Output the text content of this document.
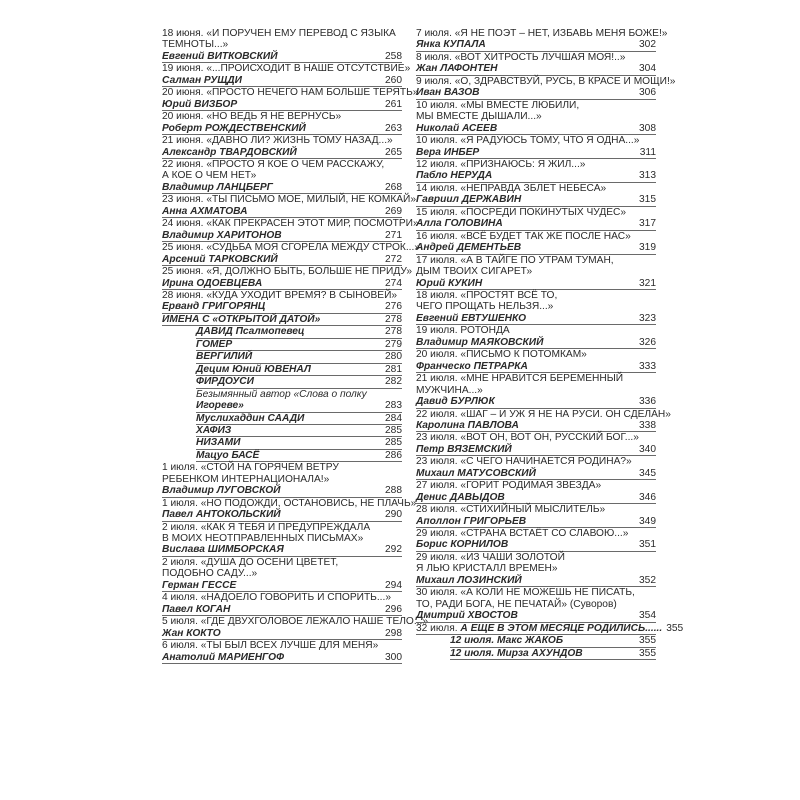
18 июня. «И ПОРУЧЕН ЕМУ ПЕРЕВОД С ЯЗЫКА
ТЕМНОТЫ...»
Евгений ВИТКОВСКИЙ	258
19 июня. «...ПРОИСХОДИТ В НАШЕ ОТСУТСТВИЕ»
Салман РУЩДИ	260
20 июня. «ПРОСТО НЕЧЕГО НАМ БОЛЬШЕ ТЕРЯТЬ»
Юрий ВИЗБОР	261
20 июня. «НО ВЕДЬ Я НЕ ВЕРНУСЬ»
Роберт РОЖДЕСТВЕНСКИЙ	263
21 июня. «ДАВНО ЛИ? ЖИЗНЬ ТОМУ НАЗАД...»
Александр ТВАРДОВСКИЙ	265
22 июня. «ПРОСТО Я КОЕ О ЧЕМ РАССКАЖУ,
А КОЕ О ЧЕМ НЕТ»
Владимир ЛАНЦБЕРГ	268
23 июня. «ТЫ ПИСЬМО МОЕ, МИЛЫЙ, НЕ КОМКАЙ»
Анна АХМАТОВА	269
24 июня. «КАК ПРЕКРАСЕН ЭТОТ МИР, ПОСМОТРИ»
Владимир ХАРИТОНОВ	271
25 июня. «СУДЬБА МОЯ СГОРЕЛА МЕЖДУ СТРОК...»
Арсений ТАРКОВСКИЙ	272
25 июня. «Я, ДОЛЖНО БЫТЬ, БОЛЬШЕ НЕ ПРИДУ»
Ирина ОДОЕВЦЕВА	274
28 июня. «КУДА УХОДИТ ВРЕМЯ? В СЫНОВЕЙ»
Ерванд ГРИГОРЯНЦ	276
ИМЕНА С «ОТКРЫТОЙ ДАТОЙ»	278
ДАВИД Псалмопевец	278
ГОМЕР	279
ВЕРГИЛИЙ	280
Децим Юний ЮВЕНАЛ	281
ФИРДОУСИ	282
Безымянный автор «Слова о полку
Игореве»	283
Муслихаддин СААДИ	284
ХАФИЗ	285
НИЗАМИ	285
Мацуо БАСЁ	286
1 июля. «СТОЙ НА ГОРЯЧЕМ ВЕТРУ
РЕБЕНКОМ ИНТЕРНАЦИОНАЛА!»
Владимир ЛУГОВСКОЙ	288
1 июля. «НО ПОДОЖДИ, ОСТАНОВИСЬ, НЕ ПЛАЧЬ»
Павел АНТОКОЛЬСКИЙ	290
2 июля. «КАК Я ТЕБЯ И ПРЕДУПРЕЖДАЛА
В МОИХ НЕОТПРАВЛЕННЫХ ПИСЬМАХ»
Вислава ШИМБОРСКАЯ	292
2 июля. «ДУША ДО ОСЕНИ ЦВЕТЕТ,
ПОДОБНО САДУ...»
Герман ГЕССЕ	294
4 июля. «НАДОЕЛО ГОВОРИТЬ И СПОРИТЬ...»
Павел КОГАН	296
5 июля. «ГДЕ ДВУХГОЛОВОЕ ЛЕЖАЛО НАШЕ ТЕЛО...»
Жан КОКТО	298
6 июля. «ТЫ БЫЛ ВСЕХ ЛУЧШЕ ДЛЯ МЕНЯ»
Анатолий МАРИЕНГОФ	300
7 июля. «Я НЕ ПОЭТ – НЕТ, ИЗБАВЬ МЕНЯ БОЖЕ!»
Янка КУПАЛА	302
8 июля. «ВОТ ХИТРОСТЬ ЛУЧШАЯ МОЯ!..»
Жан ЛАФОНТЕН	304
9 июля. «О, ЗДРАВСТВУЙ, РУСЬ, В КРАСЕ И МОЩИ!»
Иван ВАЗОВ	306
10 июля. «МЫ ВМЕСТЕ ЛЮБИЛИ,
МЫ ВМЕСТЕ ДЫШАЛИ...»
Николай АСЕЕВ	308
10 июля. «Я РАДУЮСЬ ТОМУ, ЧТО Я ОДНА...»
Вера ИНБЕР	311
12 июля. «ПРИЗНАЮСЬ: Я ЖИЛ...»
Пабло НЕРУДА	313
14 июля. «НЕПРАВДА ЗБЛЕТ НЕБЕСА»
Гавриил ДЕРЖАВИН	315
15 июля. «ПОСРЕДИ ПОКИНУТЫХ ЧУДЕС»
Алла ГОЛОВИНА	317
16 июля. «ВСЁ БУДЕТ ТАК ЖЕ ПОСЛЕ НАС»
Андрей ДЕМЕНТЬЕВ	319
17 июля. «А В ТАЙГЕ ПО УТРАМ ТУМАН,
ДЫМ ТВОИХ СИГАРЕТ»
Юрий КУКИН	321
18 июля. «ПРОСТЯТ ВСЁ ТО,
ЧЕГО ПРОЩАТЬ НЕЛЬЗЯ...»
Евгений ЕВТУШЕНКО	323
19 июля. РОТОНДА
Владимир МАЯКОВСКИЙ	326
20 июля. «ПИСЬМО К ПОТОМКАМ»
Франческо ПЕТРАРКА	333
21 июля. «МНЕ НРАВИТСЯ БЕРЕМЕННЫЙ
МУЖЧИНА...»
Давид БУРЛЮК	336
22 июля. «ШАГ – И УЖ Я НЕ НА РУСИ. ОН СДЕЛАН»
Каролина ПАВЛОВА	338
23 июля. «ВОТ ОН, ВОТ ОН, РУССКИЙ БОГ...»
Петр ВЯЗЕМСКИЙ	340
23 июля. «С ЧЕГО НАЧИНАЕТСЯ РОДИНА?»
Михаил МАТУСОВСКИЙ	345
27 июля. «ГОРИТ РОДИМАЯ ЗВЕЗДА»
Денис ДАВЫДОВ	346
28 июля. «СТИХИЙНЫЙ МЫСЛИТЕЛЬ»
Аполлон ГРИГОРЬЕВ	349
29 июля. «СТРАНА ВСТАЁТ СО СЛАВОЮ...»
Борис КОРНИЛОВ	351
29 июля. «ИЗ ЧАШИ ЗОЛОТОЙ
Я ЛЬЮ КРИСТАЛЛ ВРЕМЕН»
Михаил ЛОЗИНСКИЙ	352
30 июля. «А КОЛИ НЕ МОЖЕШЬ НЕ ПИСАТЬ,
ТО, РАДИ БОГА, НЕ ПЕЧАТАЙ» (Суворов)
Дмитрий ХВОСТОВ	354
32 июля.
А ЕЩЕ В ЭТОМ МЕСЯЦЕ РОДИЛИСЬ...... 355
12 июля. Макс ЖАКОБ	355
12 июля. Мирза АХУНДОВ	355
